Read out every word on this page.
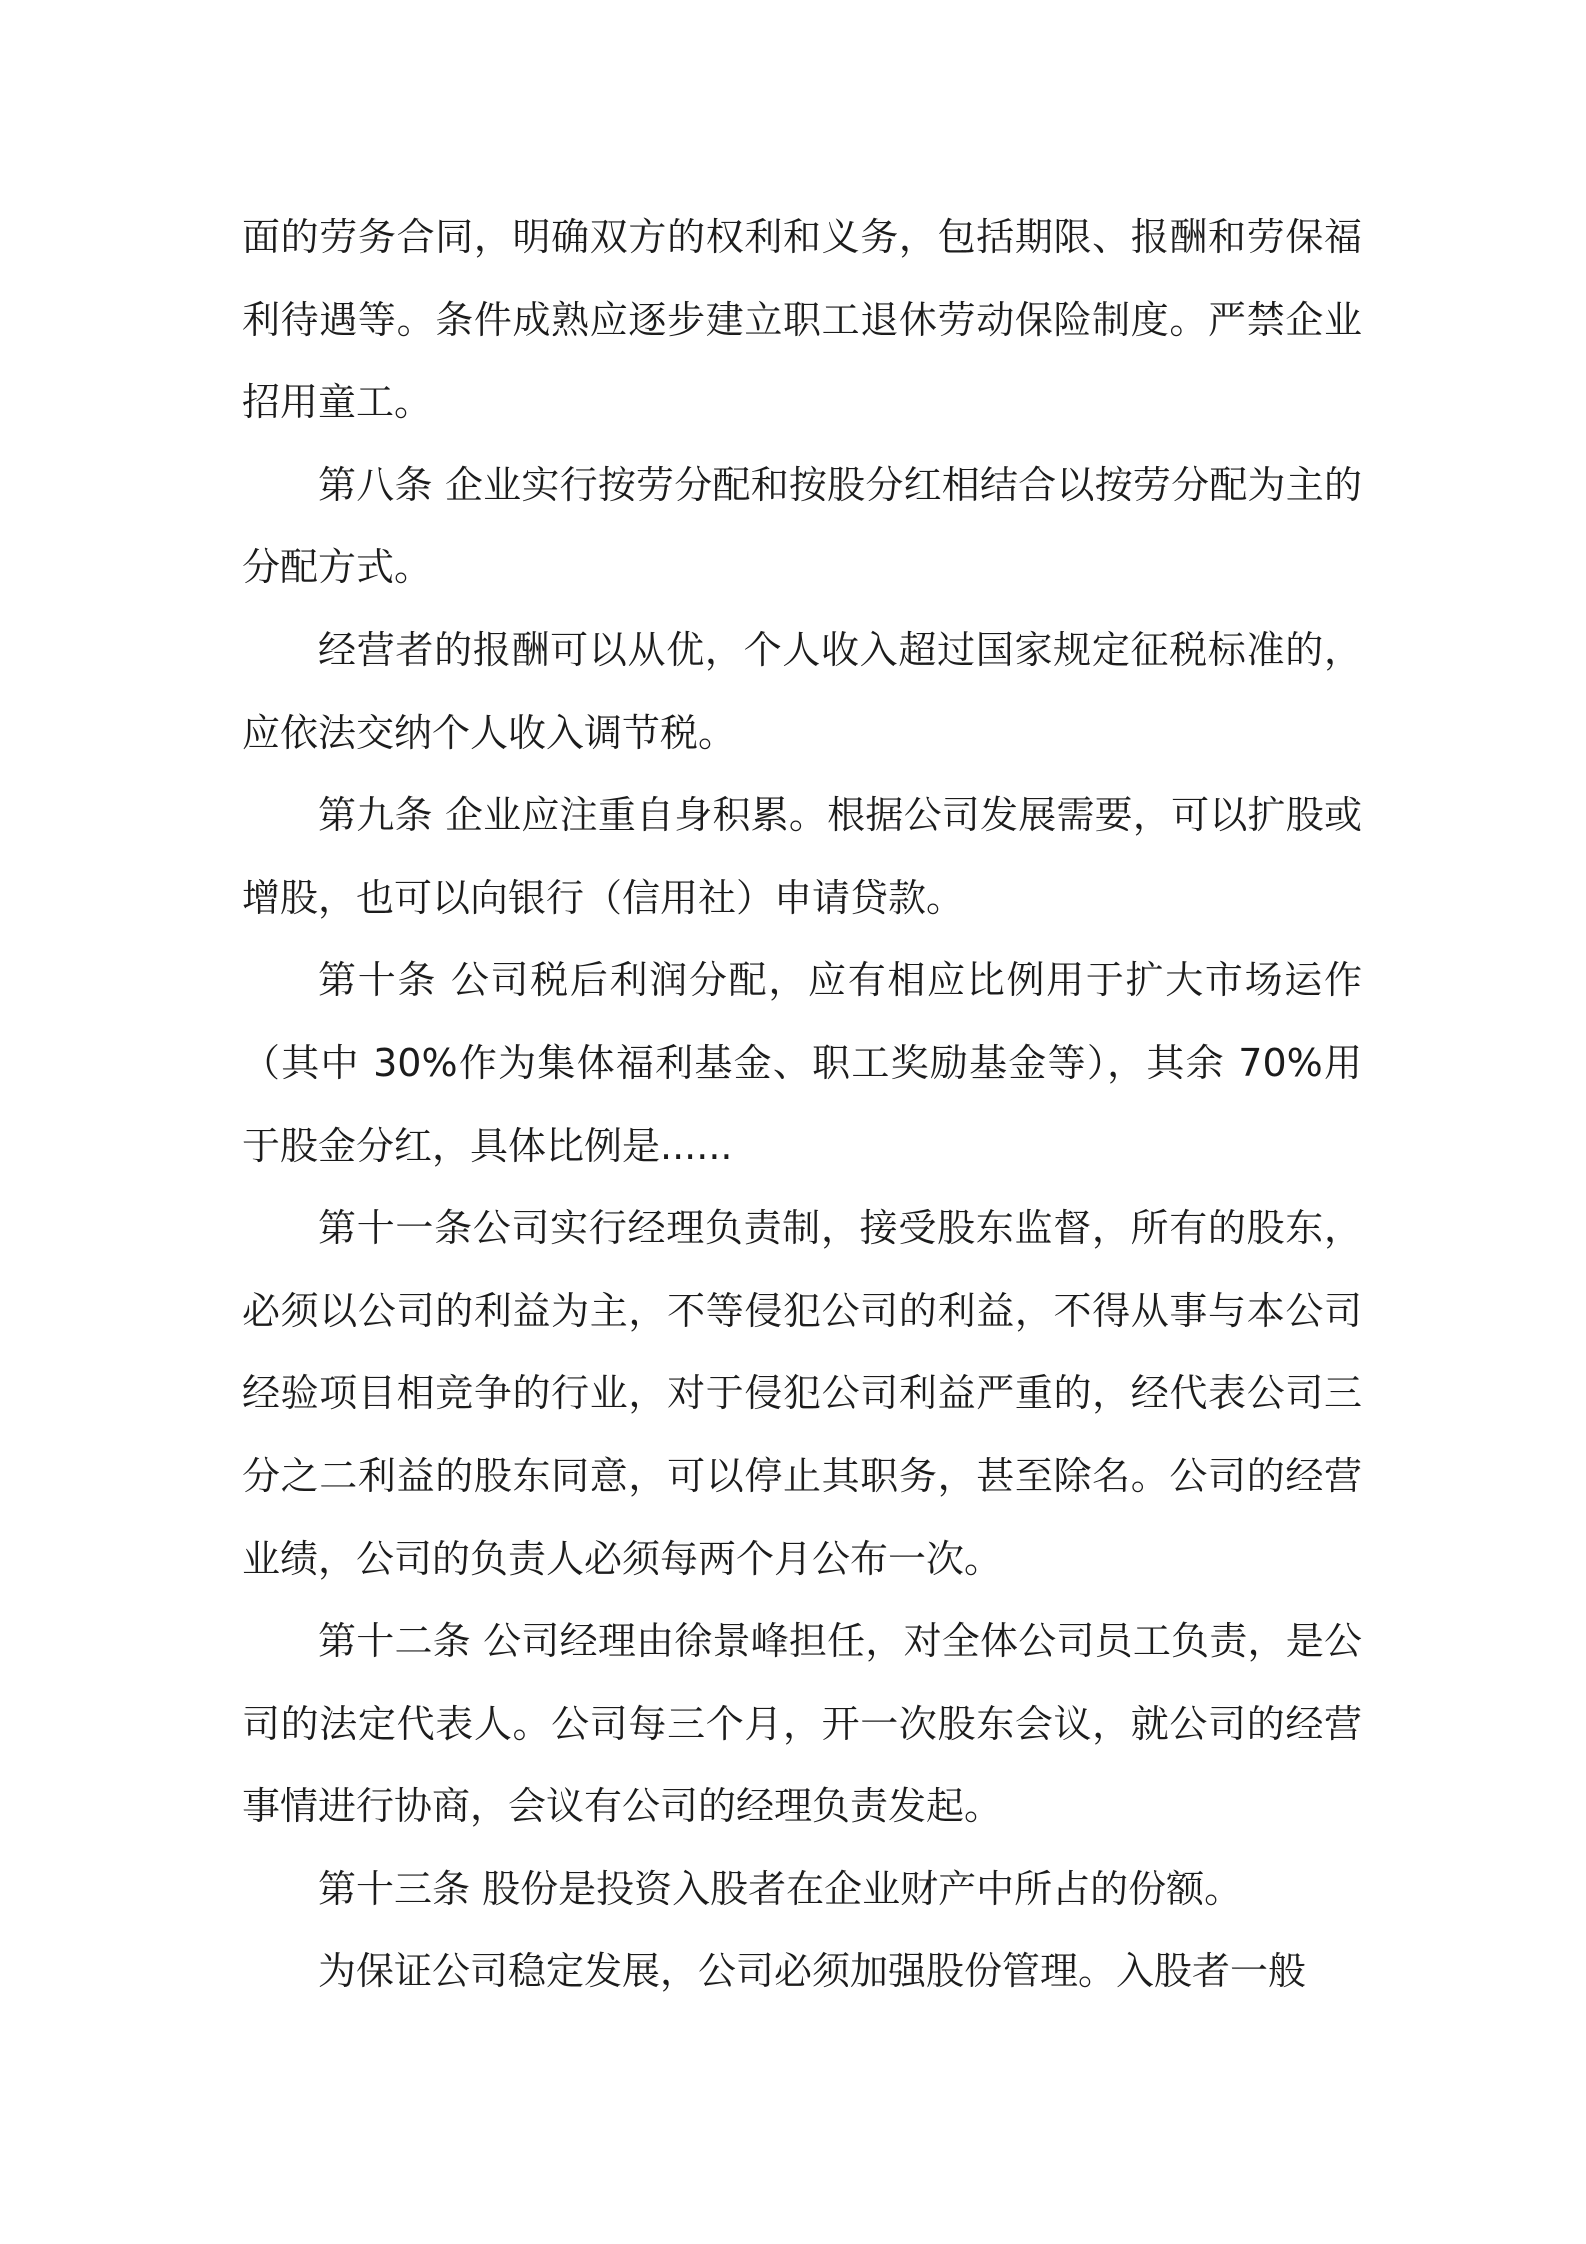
面的劳务合同，明确双方的权利和义务，包括期限、报酬和劳保福利待遇等。条件成熟应逐步建立职工退休劳动保险制度。严禁企业招用童工。

第八条 企业实行按劳分配和按股分红相结合以按劳分配为主的分配方式。

经营者的报酬可以从优，个人收入超过国家规定征税标准的，应依法交纳个人收入调节税。

第九条 企业应注重自身积累。根据公司发展需要，可以扩股或增股，也可以向银行（信用社）申请贷款。

第十条 公司税后利润分配，应有相应比例用于扩大市场运作（其中 30%作为集体福利基金、职工奖励基金等），其余 70%用于股金分红，具体比例是......

第十一条公司实行经理负责制，接受股东监督，所有的股东，必须以公司的利益为主，不等侵犯公司的利益，不得从事与本公司经验项目相竞争的行业，对于侵犯公司利益严重的，经代表公司三分之二利益的股东同意，可以停止其职务，甚至除名。公司的经营业绩，公司的负责人必须每两个月公布一次。

第十二条 公司经理由徐景峰担任，对全体公司员工负责，是公司的法定代表人。公司每三个月，开一次股东会议，就公司的经营事情进行协商，会议有公司的经理负责发起。

第十三条 股份是投资入股者在企业财产中所占的份额。

为保证公司稳定发展，公司必须加强股份管理。入股者一般
